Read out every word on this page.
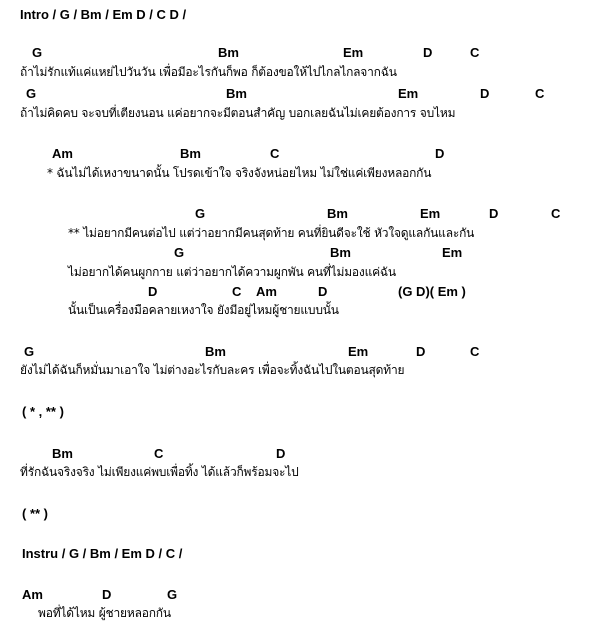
Intro / G / Bm / Em D / C D /
G	Bm	Em	D	C
ถ้าไม่รักแท้แค่แหย่ไปวันวัน เพื่อมีอะไรกันก็พอ ก็ต้องขอให้ไปไกลไกลจากฉัน
G	Bm	Em	D	C
ถ้าไม่คิดคบ จะจบที่เตียงนอน แค่อยากจะมีตอนสำคัญ บอกเลยฉันไม่เคยต้องการ จบไหม
Am	Bm	C	D
* ฉันไม่ได้เหงาขนาดนั้น โปรดเข้าใจ จริงจังหน่อยไหม ไม่ใช่แค่เพียงหลอกกัน
G	Bm	Em	D	C
** ไม่อยากมีคนต่อไป แต่ว่าอยากมีคนสุดท้าย คนที่ยินดีจะใช้ หัวใจดูแลกันและกัน
G	Bm	Em
ไม่อยากได้คนผูกกาย แต่ว่าอยากได้ความผูกพัน คนที่ไม่มองแค่ฉัน
D	C Am	D	(G D)( Em )
นั้นเป็นเครื่องมือคลายเหงาใจ ยังมีอยู่ไหมผู้ชายแบบนั้น
G	Bm	Em	D	C
ยังไม่ได้ฉันก็หมั่นมาเอาใจ ไม่ต่างอะไรกับละคร เพื่อจะทิ้งฉันไปในตอนสุดท้าย
( * , ** )
Bm	C	D
ที่รักฉันจริงจริง ไม่เพียงแค่พบเพื่อทิ้ง ได้แล้วก็พร้อมจะไป
( ** )
Instru / G / Bm / Em D / C /
Am	D	G
พอที่ได้ไหม ผู้ชายหลอกกัน
